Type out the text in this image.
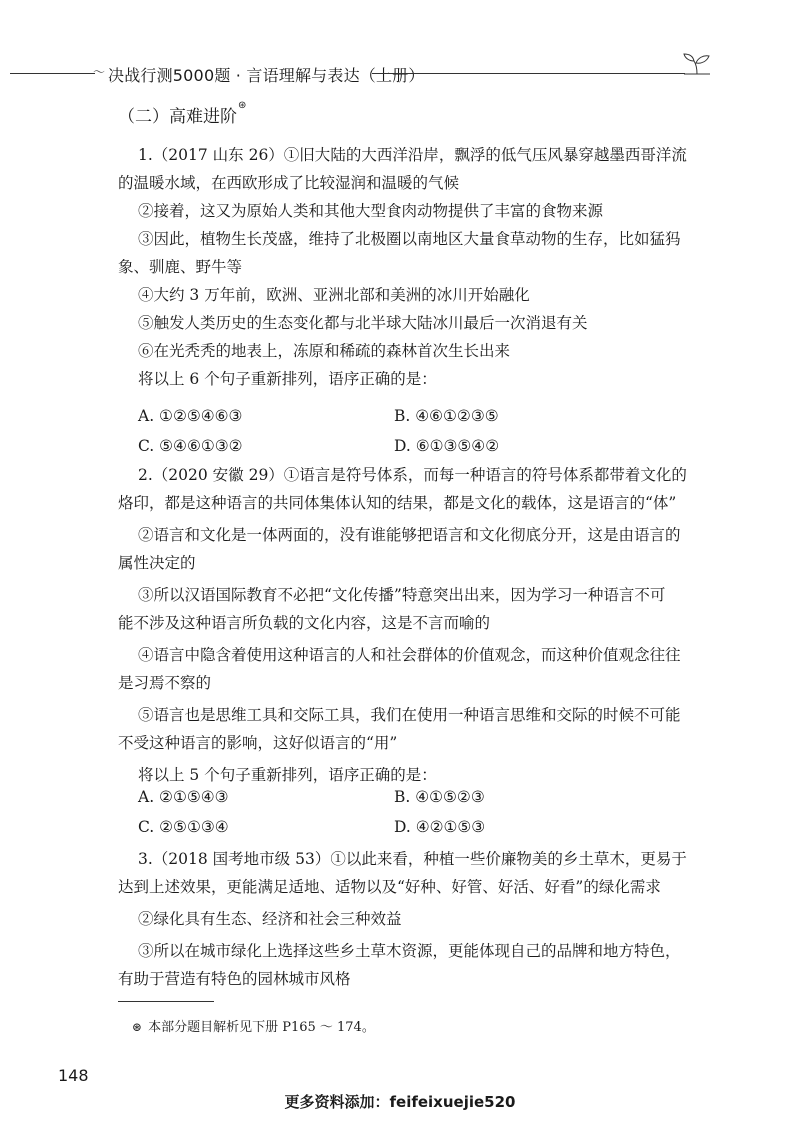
～ 决战行测5000题 · 言语理解与表达（上册）
（二）高难进阶⊛
1.（2017 山东 26）①旧大陆的大西洋沿岸，飘浮的低气压风暴穿越墨西哥洋流
的温暖水域，在西欧形成了比较湿润和温暖的气候
②接着，这又为原始人类和其他大型食肉动物提供了丰富的食物来源
③因此，植物生长茂盛，维持了北极圈以南地区大量食草动物的生存，比如猛犸
象、驯鹿、野牛等
④大约 3 万年前，欧洲、亚洲北部和美洲的冰川开始融化
⑤触发人类历史的生态变化都与北半球大陆冰川最后一次消退有关
⑥在光秃秃的地表上，冻原和稀疏的森林首次生长出来
将以上 6 个句子重新排列，语序正确的是：
A. ①②⑤④⑥③	B. ④⑥①②③⑤
C. ⑤④⑥①③②	D. ⑥①③⑤④②
2.（2020 安徽 29）①语言是符号体系，而每一种语言的符号体系都带着文化的
烙印，都是这种语言的共同体集体认知的结果，都是文化的载体，这是语言的“体”
②语言和文化是一体两面的，没有谁能够把语言和文化彻底分开，这是由语言的
属性决定的
③所以汉语国际教育不必把“文化传播”特意突出出来，因为学习一种语言不可
能不涉及这种语言所负载的文化内容，这是不言而喻的
④语言中隐含着使用这种语言的人和社会群体的价值观念，而这种价值观念往往
是习焉不察的
⑤语言也是思维工具和交际工具，我们在使用一种语言思维和交际的时候不可能
不受这种语言的影响，这好似语言的“用”
将以上 5 个句子重新排列，语序正确的是：
A. ②①⑤④③	B. ④①⑤②③
C. ②⑤①③④	D. ④②①⑤③
3.（2018 国考地市级 53）①以此来看，种植一些价廉物美的乡土草木，更易于
达到上述效果，更能满足适地、适物以及“好种、好管、好活、好看”的绿化需求
②绿化具有生态、经济和社会三种效益
③所以在城市绿化上选择这些乡土草木资源，更能体现自己的品牌和地方特色，
有助于营造有特色的园林城市风格
⊛ 本部分题目解析见下册 P165 ～ 174。
148
更多资料添加：feifeixuejie520
